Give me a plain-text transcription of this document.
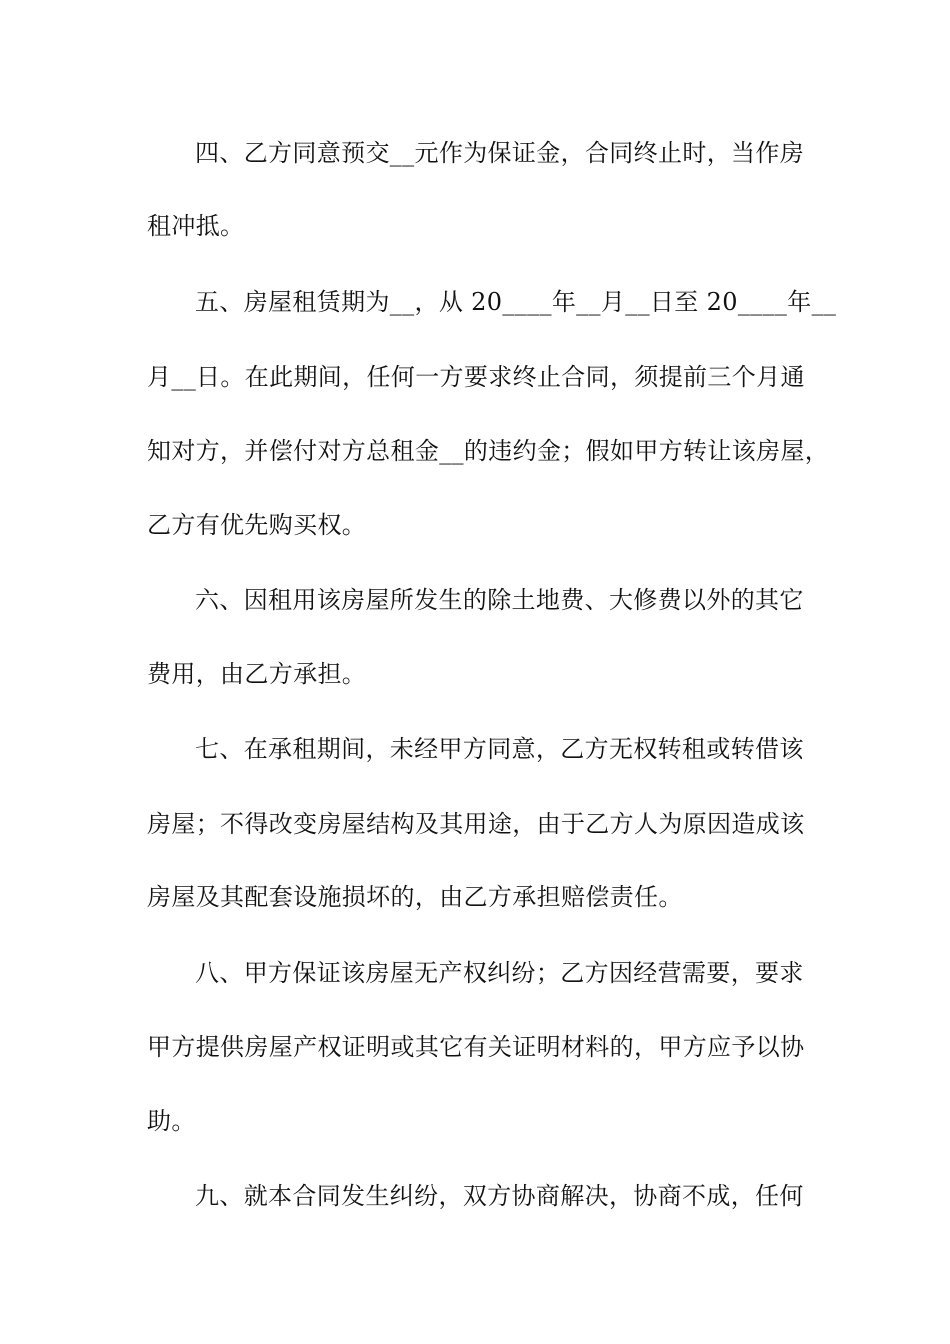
四、乙方同意预交__元作为保证金，合同终止时，当作房
租冲抵。
五、房屋租赁期为__，从 20____年__月__日至 20____年__
月__日。在此期间，任何一方要求终止合同，须提前三个月通
知对方，并偿付对方总租金__的违约金；假如甲方转让该房屋，
乙方有优先购买权。
六、因租用该房屋所发生的除土地费、大修费以外的其它
费用，由乙方承担。
七、在承租期间，未经甲方同意，乙方无权转租或转借该
房屋；不得改变房屋结构及其用途，由于乙方人为原因造成该
房屋及其配套设施损坏的，由乙方承担赔偿责任。
八、甲方保证该房屋无产权纠纷；乙方因经营需要，要求
甲方提供房屋产权证明或其它有关证明材料的，甲方应予以协
助。
九、就本合同发生纠纷，双方协商解决，协商不成，任何
